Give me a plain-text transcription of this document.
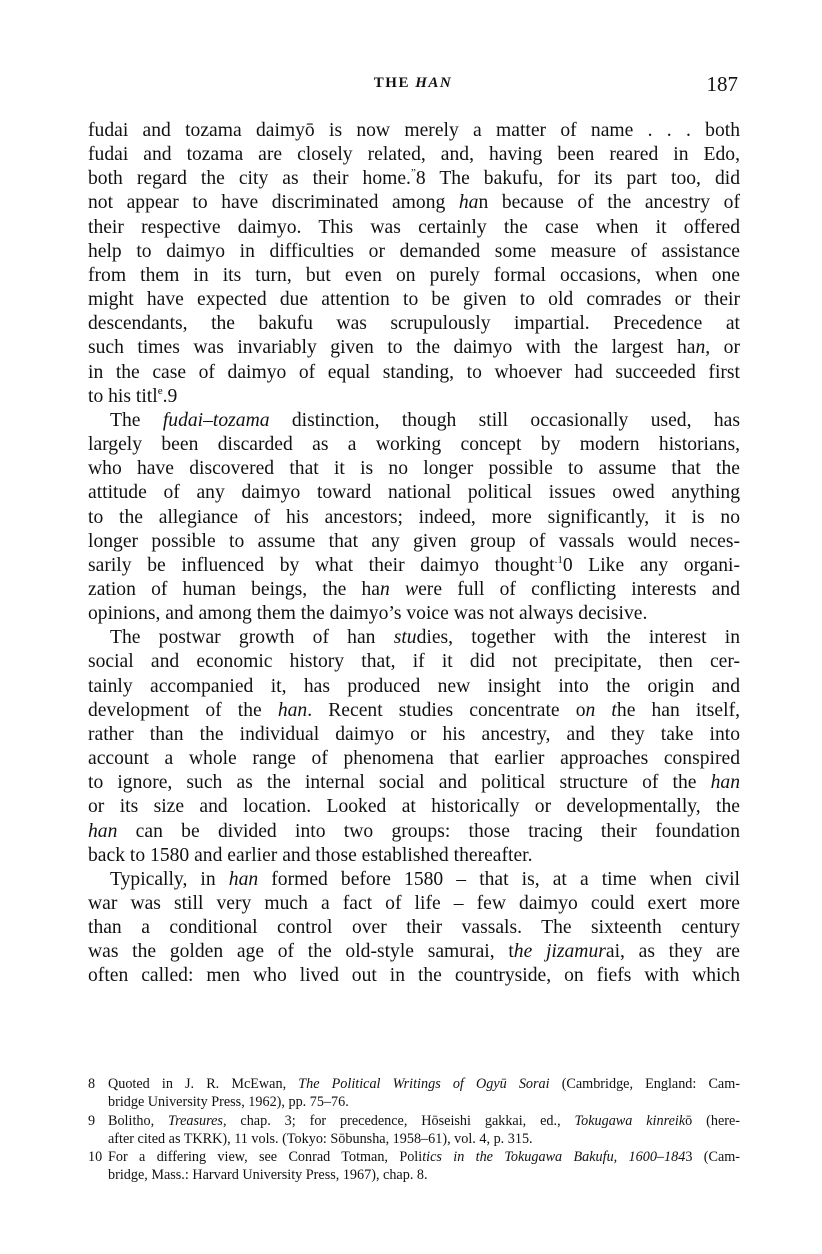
THE HAN	187
fudai and tozama daimyō is now merely a matter of name . . . both
fudai and tozama are closely related, and, having been reared in Edo,
both regard the city as their home.”8 The bakufu, for its part too, did
not appear to have discriminated among han because of the ancestry of
their respective daimyo. This was certainly the case when it offered
help to daimyo in difficulties or demanded some measure of assistance
from them in its turn, but even on purely formal occasions, when one
might have expected due attention to be given to old comrades or their
descendants, the bakufu was scrupulously impartial. Precedence at
such times was invariably given to the daimyo with the largest han, or
in the case of daimyo of equal standing, to whoever had succeeded first
to his titl$^e$.9
The fudai–tozama distinction, though still occasionally used, has
largely been discarded as a working concept by modern historians,
who have discovered that it is no longer possible to assume that the
attitude of any daimyo toward national political issues owed anything
to the allegiance of his ancestors; indeed, more significantly, it is no
longer possible to assume that any given group of vassals would neces-
sarily be influenced by what their daimyo thought$^{.1}$0 Like any organi-
zation of human beings, the han were full of conflicting interests and
opinions, and among them the daimyo’s voice was not always decisive.
The postwar growth of han studies, together with the interest in
social and economic history that, if it did not precipitate, then cer-
tainly accompanied it, has produced new insight into the origin and
development of the han. Recent studies concentrate on the han itself,
rather than the individual daimyo or his ancestry, and they take into
account a whole range of phenomena that earlier approaches conspired
to ignore, such as the internal social and political structure of the han
or its size and location. Looked at historically or developmentally, the
han can be divided into two groups: those tracing their foundation
back to 1580 and earlier and those established thereafter.
Typically, in han formed before 1580 – that is, at a time when civil
war was still very much a fact of life – few daimyo could exert more
than a conditional control over their vassals. The sixteenth century
was the golden age of the old-style samurai, the jizamurai, as they are
often called: men who lived out in the countryside, on fiefs with which
8 Quoted in J. R. McEwan, The Political Writings of Ogyū Sorai (Cambridge, England: Cam-
bridge University Press, 1962), pp. 75–76.
9 Bolitho, Treasures, chap. 3; for precedence, Hōseishi gakkai, ed., Tokugawa kinreikō (here-
after cited as TKRK), 11 vols. (Tokyo: Sōbunsha, 1958–61), vol. 4, p. 315.
10 For a differing view, see Conrad Totman, Politics in the Tokugawa Bakufu, 1600–1843 (Cam-
bridge, Mass.: Harvard University Press, 1967), chap. 8.
